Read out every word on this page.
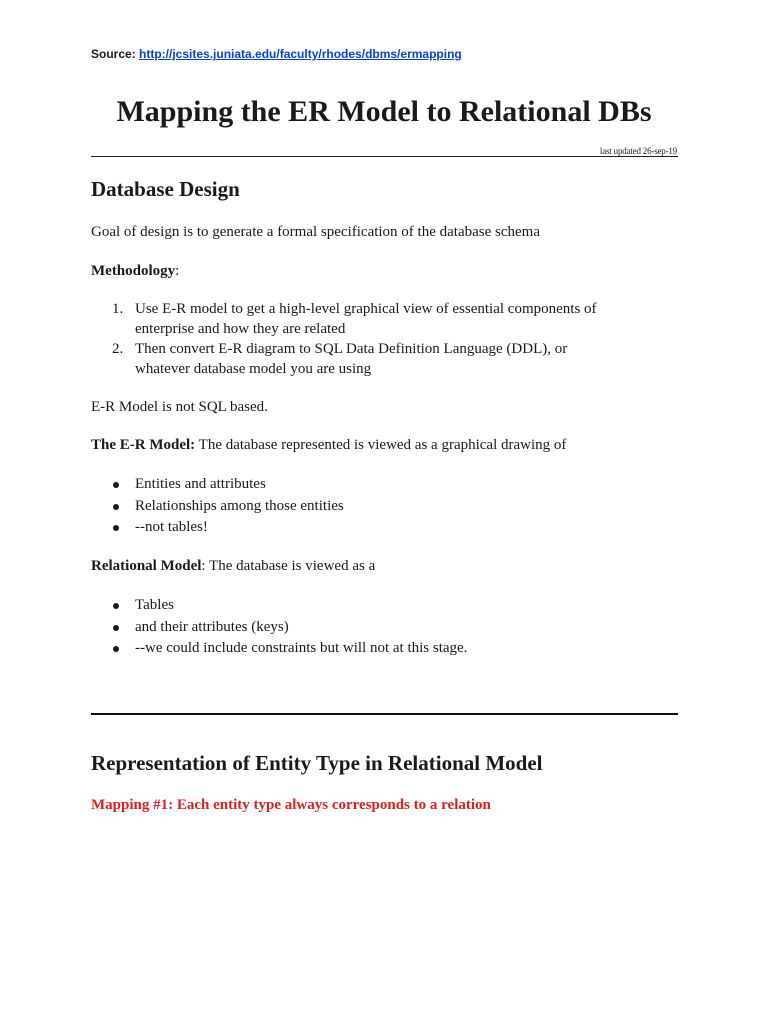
Source: http://jcsites.juniata.edu/faculty/rhodes/dbms/ermapping
Mapping the ER Model to Relational DBs
last updated 26-sep-19
Database Design

Goal of design is to generate a formal specification of the database schema

Methodology:

1. Use E-R model to get a high-level graphical view of essential components of
enterprise and how they are related
2. Then convert E-R diagram to SQL Data Definition Language (DDL), or
whatever database model you are using

E-R Model is not SQL based.

The E-R Model: The database represented is viewed as a graphical drawing of

Entities and attributes
Relationships among those entities
--not tables!

Relational Model: The database is viewed as a

Tables
and their attributes (keys)
--we could include constraints but will not at this stage.
Representation of Entity Type in Relational Model

Mapping #1: Each entity type always corresponds to a relation
